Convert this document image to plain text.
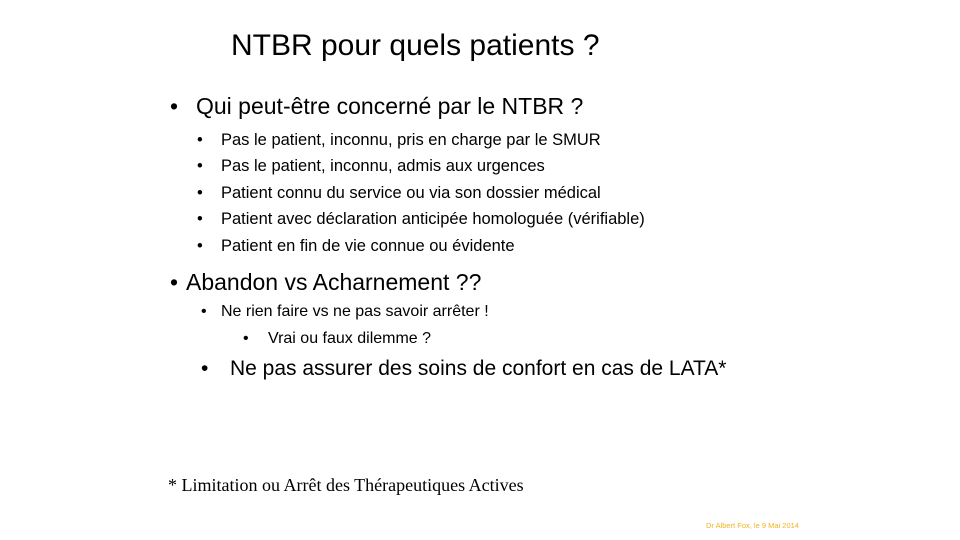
NTBR pour quels patients ?
• Qui peut-être concerné par le NTBR ?
•	Pas le patient, inconnu, pris en charge par le SMUR
•	Pas le patient, inconnu, admis aux urgences
•	Patient connu du service ou via son dossier médical
•	Patient avec déclaration anticipée homologuée (vérifiable)
•	Patient en fin de vie connue ou évidente
• Abandon vs Acharnement ??
• Ne rien faire vs ne pas savoir arrêter !
• Vrai ou faux dilemme ?
• Ne pas assurer des soins de confort en cas de LATA*
* Limitation ou Arrêt des Thérapeutiques Actives
Dr Albert Fox, le 9 Mai 2014
